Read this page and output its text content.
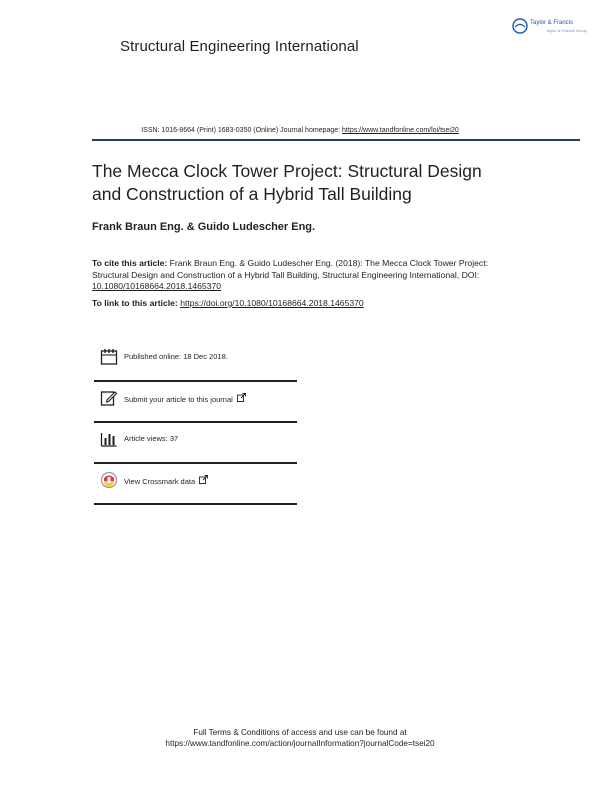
Structural Engineering International
Taylor & Francis
Taylor & Francis Group
ISSN: 1016-8664 (Print) 1683-0350 (Online) Journal homepage: https://www.tandfonline.com/loi/tsei20
The Mecca Clock Tower Project: Structural Design
and Construction of a Hybrid Tall Building
Frank Braun Eng. & Guido Ludescher Eng.
To cite this article: Frank Braun Eng. & Guido Ludescher Eng. (2018): The Mecca Clock Tower Project: Structural Design and Construction of a Hybrid Tall Building, Structural Engineering International, DOI: 10.1080/10168664.2018.1465370
To link to this article: https://doi.org/10.1080/10168664.2018.1465370
Published online: 18 Dec 2018.
Submit your article to this journal
Article views: 37
View Crossmark data
Full Terms & Conditions of access and use can be found at
https://www.tandfonline.com/action/journalInformation?journalCode=tsei20
